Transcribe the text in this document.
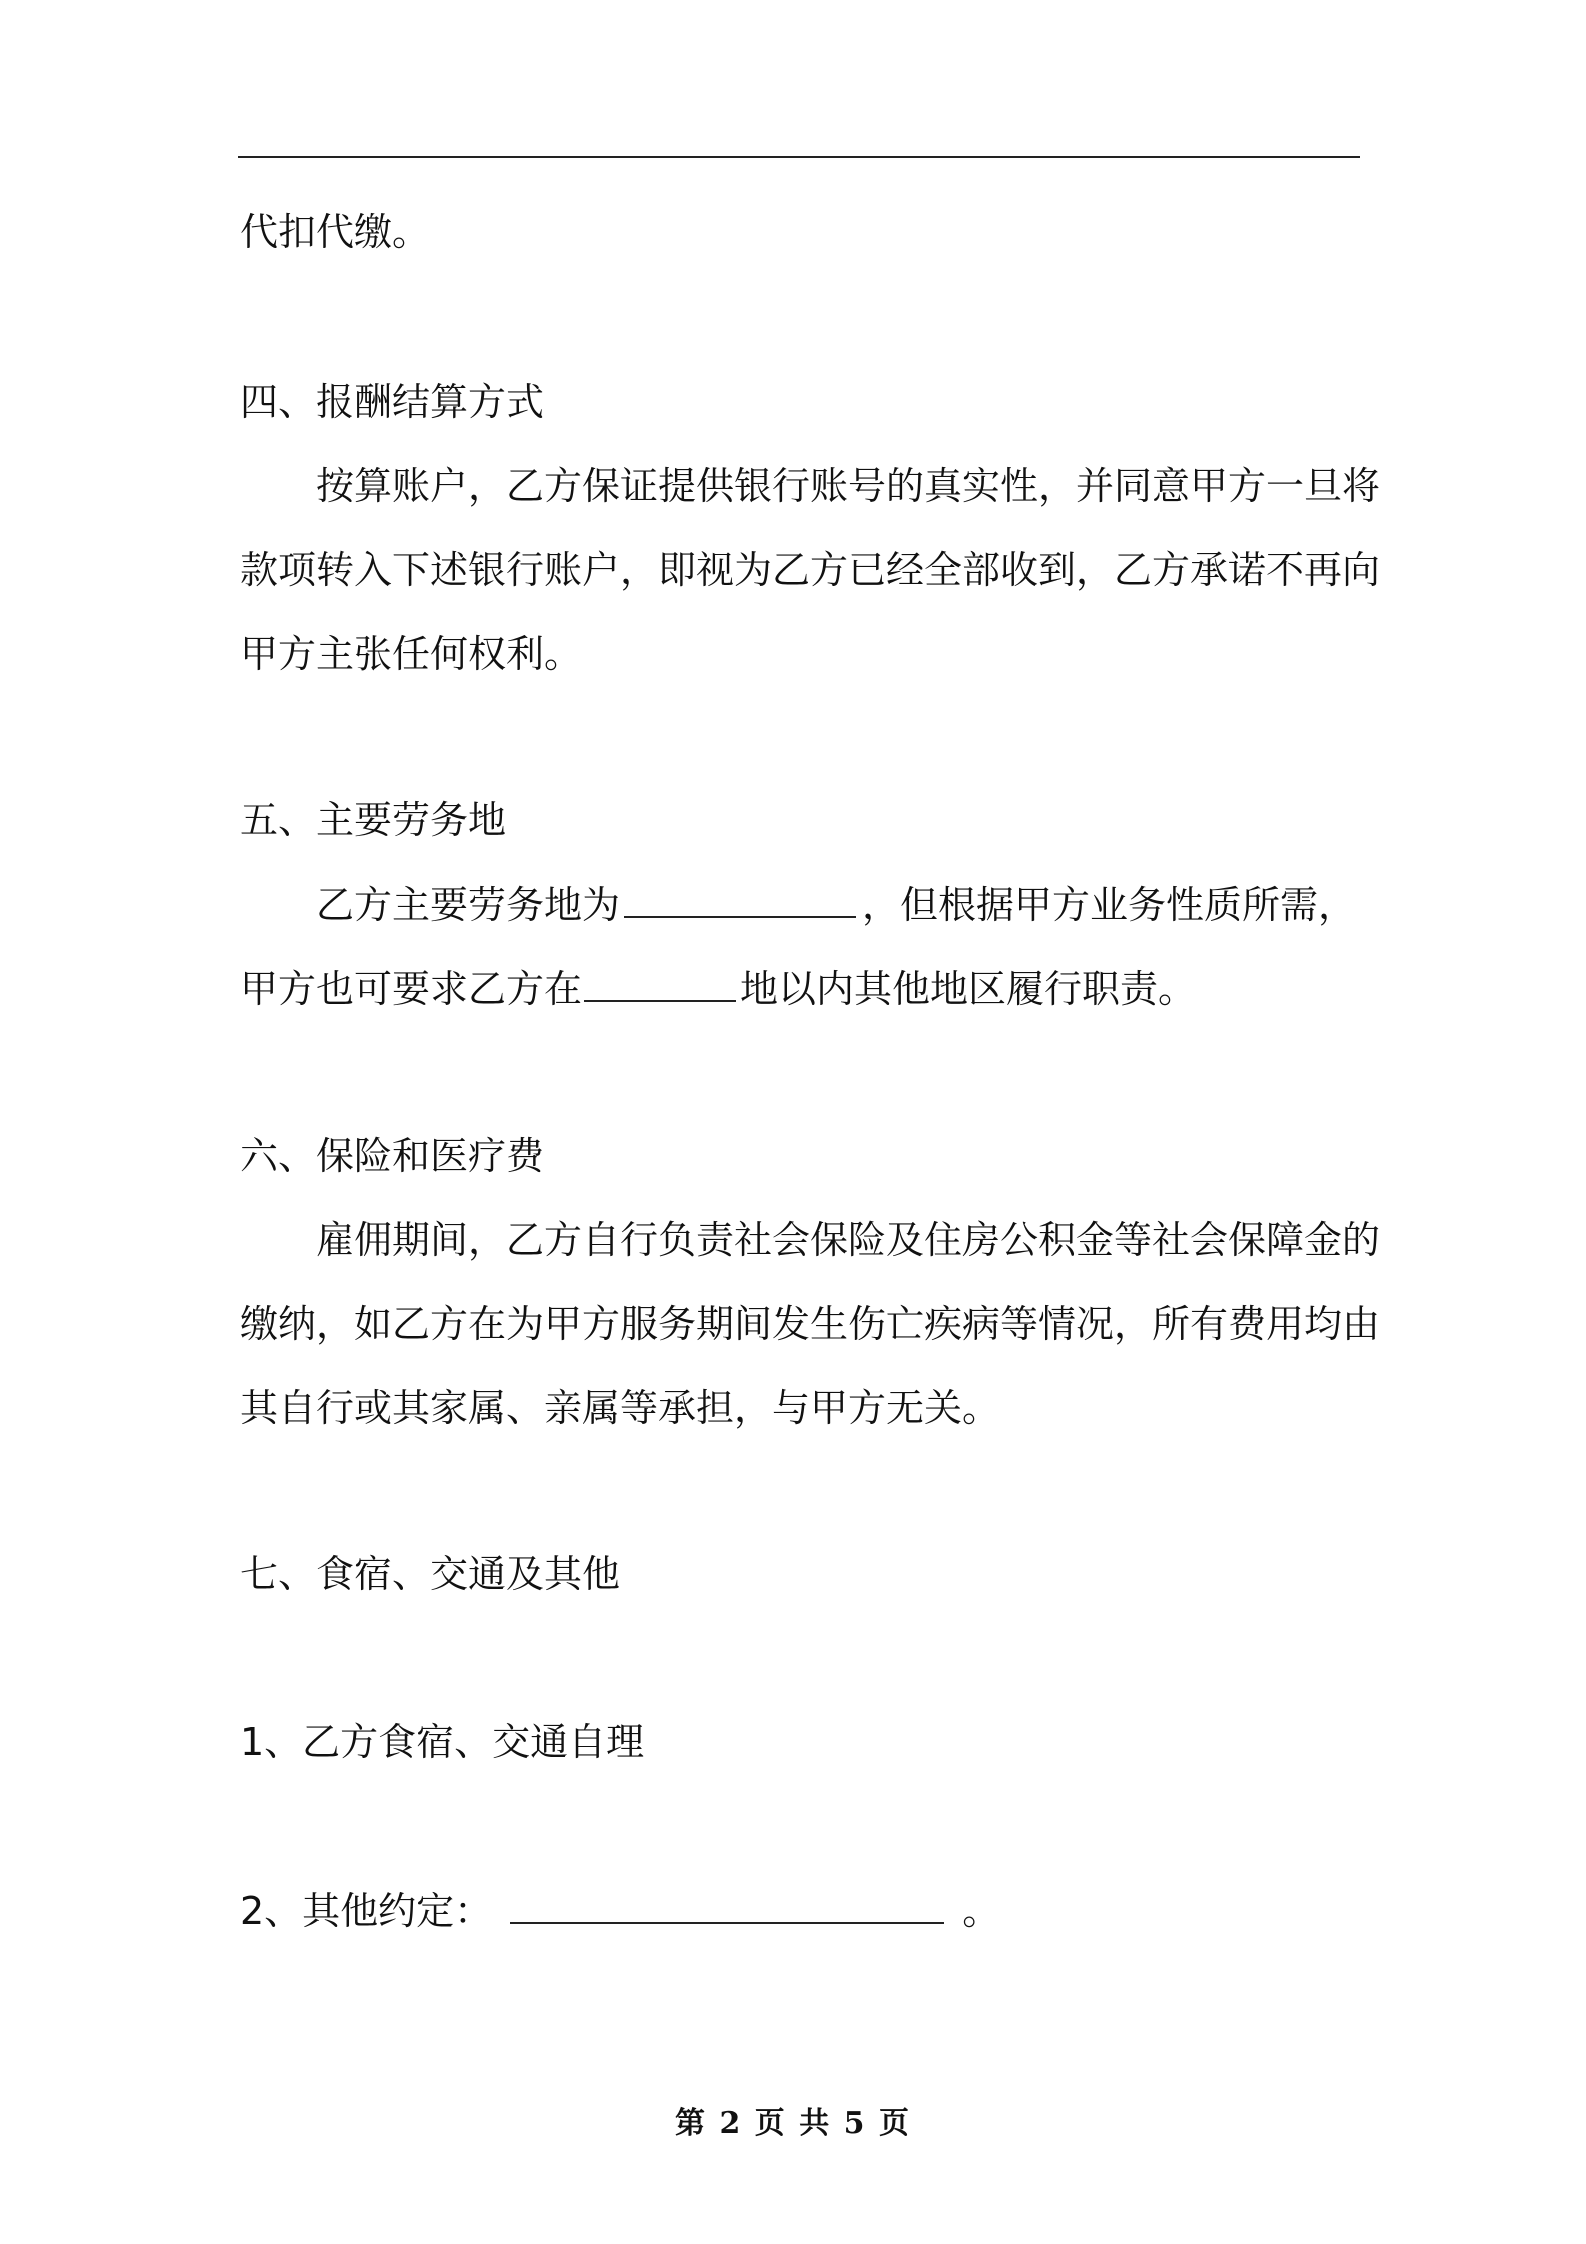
代扣代缴。
四、报酬结算方式
按算账户，乙方保证提供银行账号的真实性，并同意甲方一旦将
款项转入下述银行账户，即视为乙方已经全部收到，乙方承诺不再向
甲方主张任何权利。
五、主要劳务地
乙方主要劳务地为	，但根据甲方业务性质所需，
甲方也可要求乙方在	地以内其他地区履行职责。
六、保险和医疗费
雇佣期间，乙方自行负责社会保险及住房公积金等社会保障金的
缴纳，如乙方在为甲方服务期间发生伤亡疾病等情况，所有费用均由
其自行或其家属、亲属等承担，与甲方无关。
七、食宿、交通及其他
1、乙方食宿、交通自理
2、其他约定：	。
第 2 页 共 5 页
